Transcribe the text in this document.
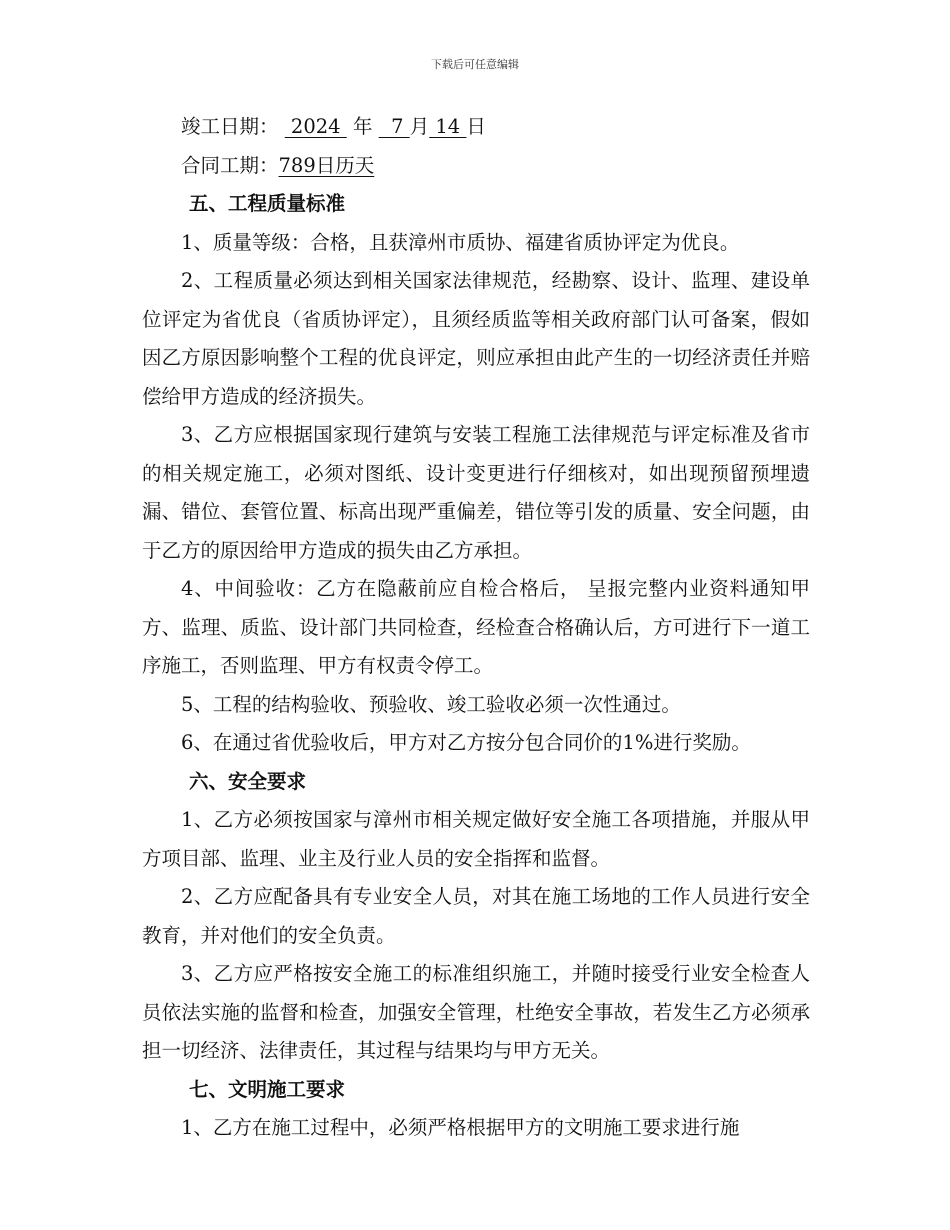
下载后可任意编辑

竣工日期：  2024  年   7 月 14 日

合同工期：789日历天

五、工程质量标准

1、质量等级：合格，且获漳州市质协、福建省质协评定为优良。

2、工程质量必须达到相关国家法律规范，经勘察、设计、监理、建设单位评定为省优良（省质协评定），且须经质监等相关政府部门认可备案，假如因乙方原因影响整个工程的优良评定，则应承担由此产生的一切经济责任并赔偿给甲方造成的经济损失。

3、乙方应根据国家现行建筑与安装工程施工法律规范与评定标准及省市的相关规定施工，必须对图纸、设计变更进行仔细核对，如出现预留预埋遗漏、错位、套管位置、标高出现严重偏差，错位等引发的质量、安全问题，由于乙方的原因给甲方造成的损失由乙方承担。

4、中间验收：乙方在隐蔽前应自检合格后， 呈报完整内业资料通知甲方、监理、质监、设计部门共同检查，经检查合格确认后，方可进行下一道工序施工，否则监理、甲方有权责令停工。

5、工程的结构验收、预验收、竣工验收必须一次性通过。

6、在通过省优验收后，甲方对乙方按分包合同价的1%进行奖励。

六、安全要求

1、乙方必须按国家与漳州市相关规定做好安全施工各项措施，并服从甲方项目部、监理、业主及行业人员的安全指挥和监督。

2、乙方应配备具有专业安全人员，对其在施工场地的工作人员进行安全教育，并对他们的安全负责。

3、乙方应严格按安全施工的标准组织施工，并随时接受行业安全检查人员依法实施的监督和检查，加强安全管理，杜绝安全事故，若发生乙方必须承担一切经济、法律责任，其过程与结果均与甲方无关。

七、文明施工要求

1、乙方在施工过程中，必须严格根据甲方的文明施工要求进行施
